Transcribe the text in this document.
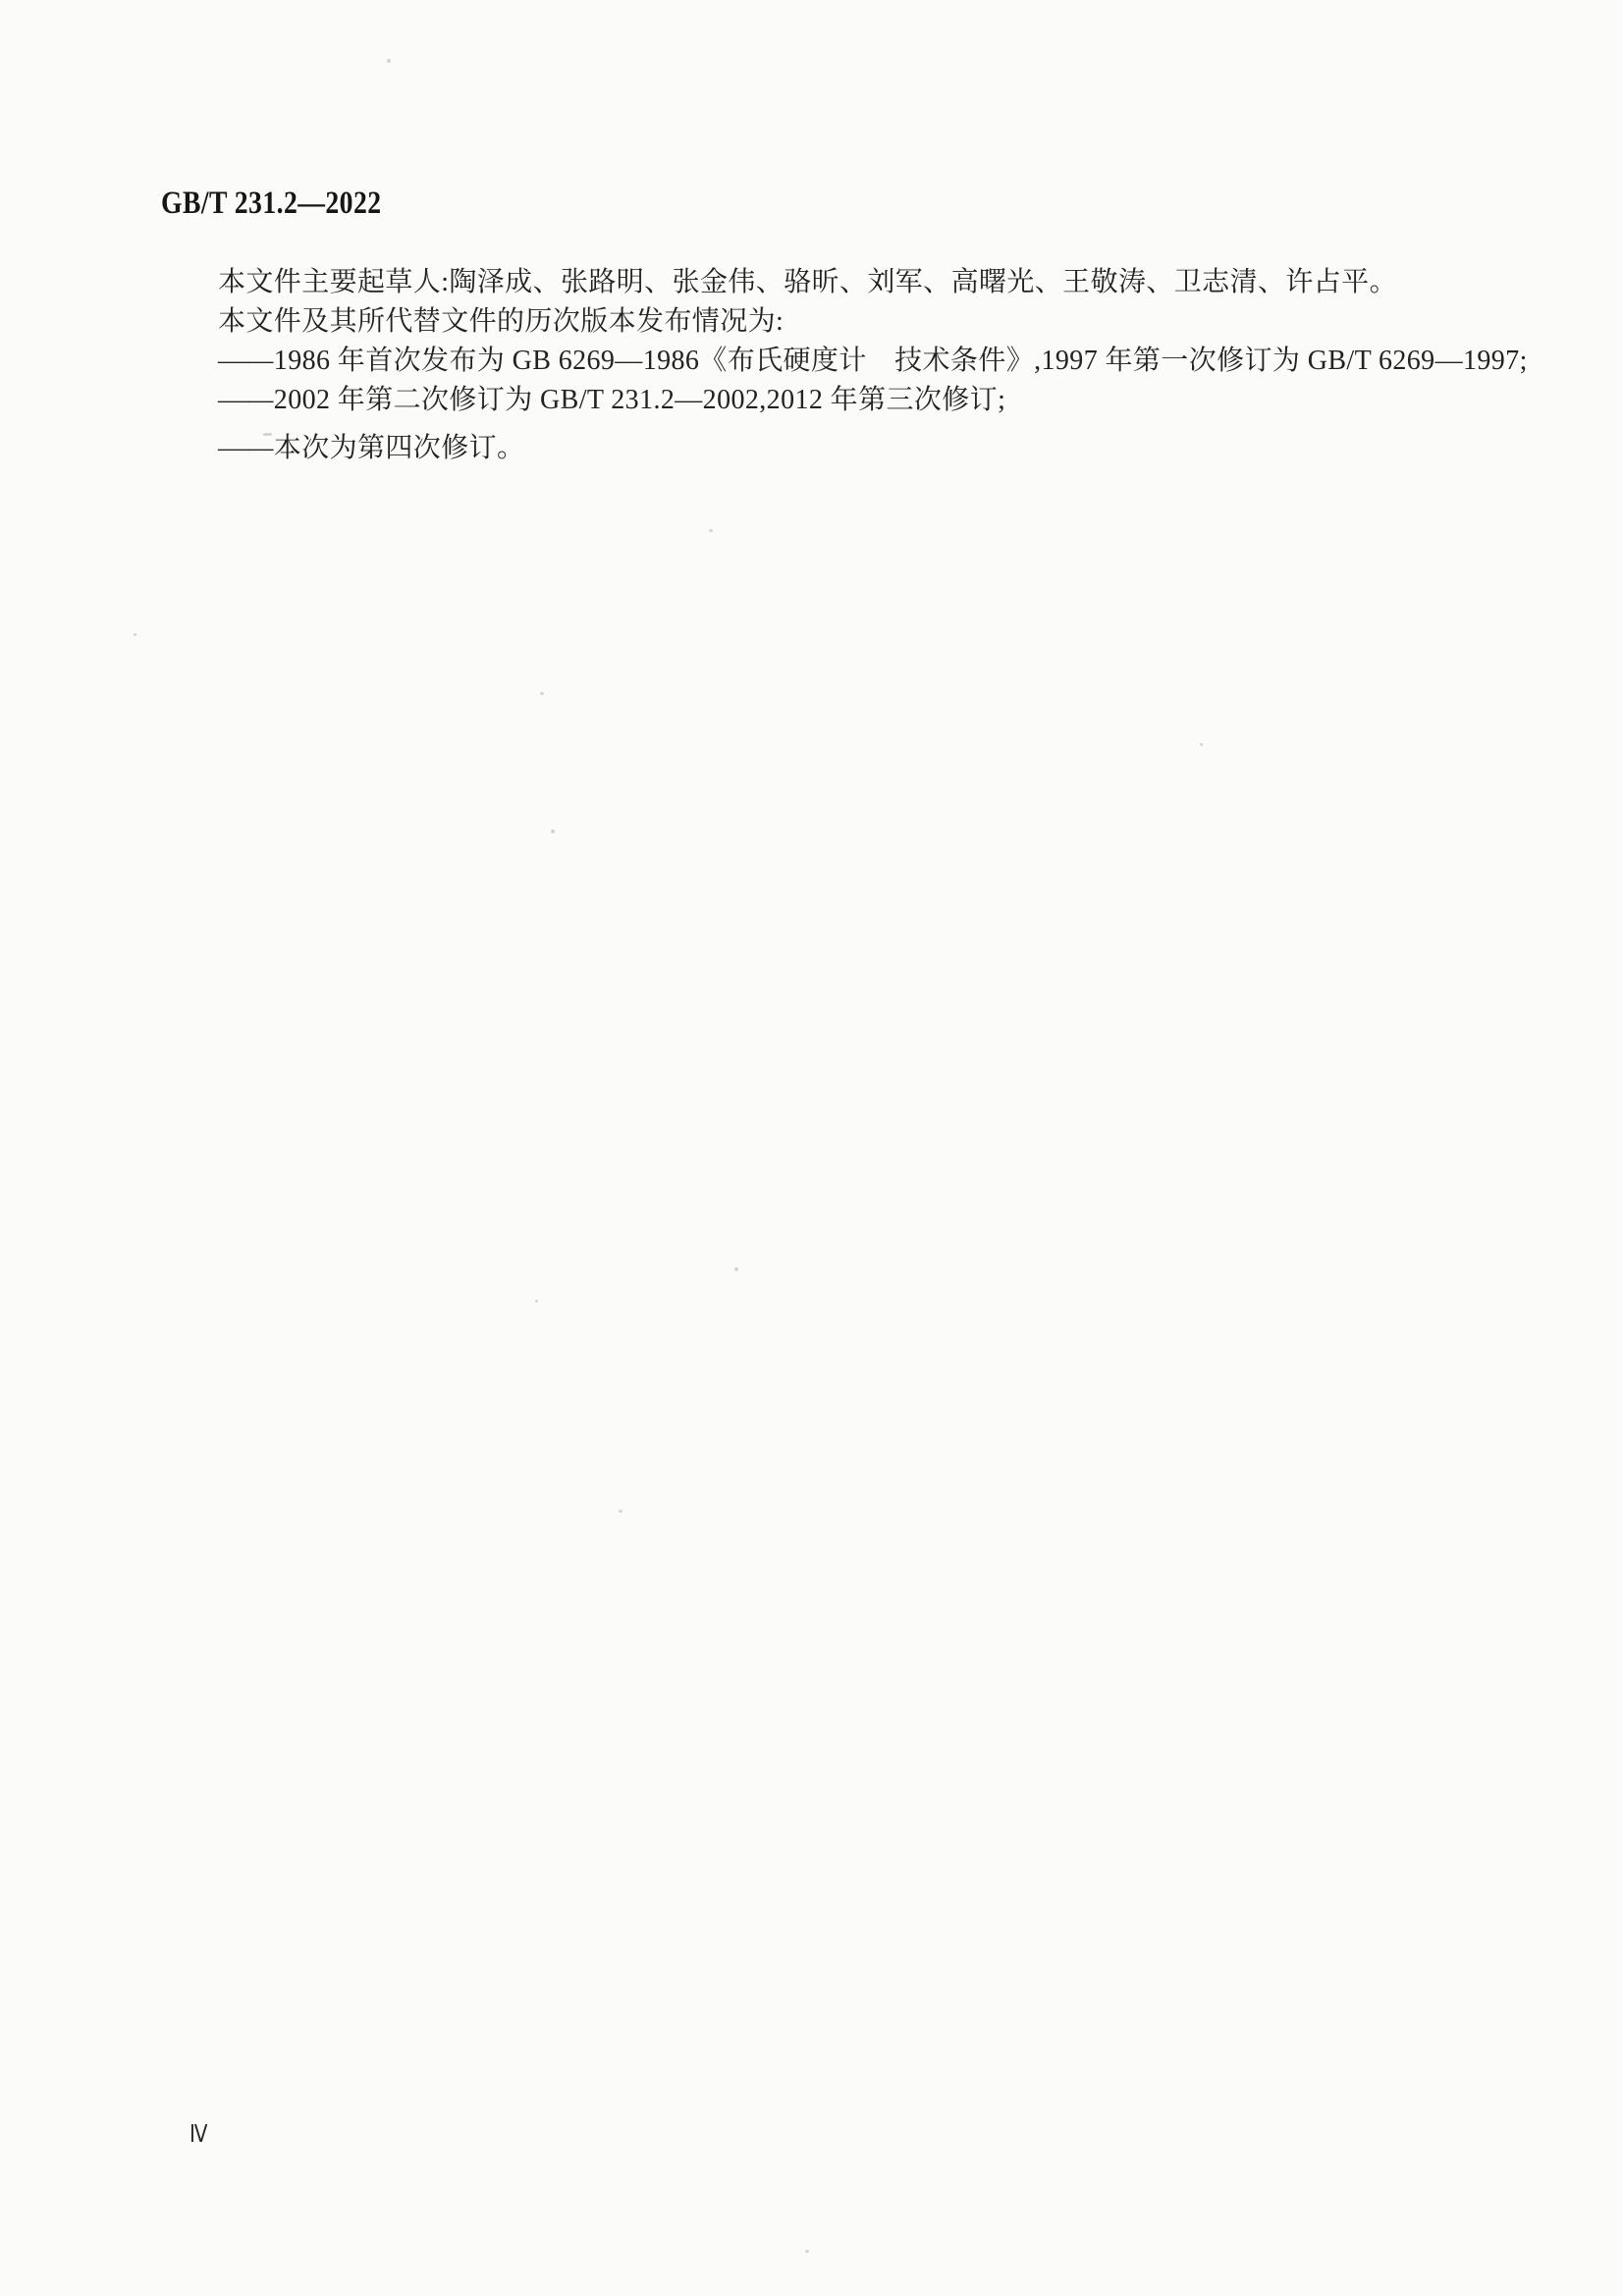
GB/T 231.2—2022

本文件主要起草人:陶泽成、张路明、张金伟、骆昕、刘军、高曙光、王敬涛、卫志清、许占平。

本文件及其所代替文件的历次版本发布情况为:

——1986 年首次发布为 GB 6269—1986《布氏硬度计　技术条件》,1997 年第一次修订为 GB/T 6269—1997;

——2002 年第二次修订为 GB/T 231.2—2002,2012 年第三次修订;

——本次为第四次修订。

Ⅳ
